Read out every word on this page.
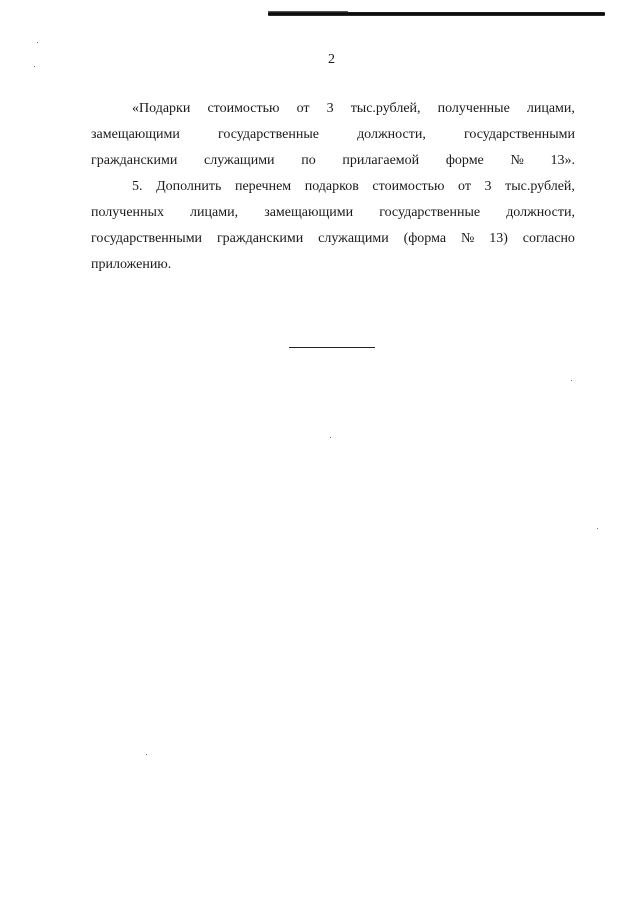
2
«Подарки стоимостью от 3 тыс.рублей, полученные лицами,
замещающими	государственные	должности,	государственными
гражданскими служащими по прилагаемой форме № 13».
5. Дополнить перечнем подарков стоимостью от 3 тыс.рублей,
полученных лицами, замещающими государственные должности,
государственными гражданскими служащими (форма № 13) согласно
приложению.
